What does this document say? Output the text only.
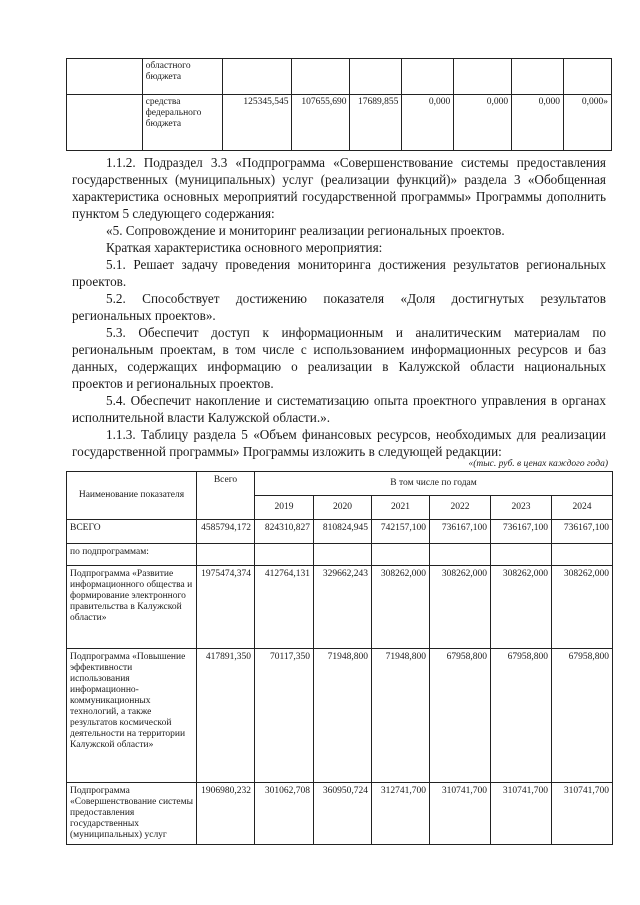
	областного бюджета							
	средства федерального бюджета	125345,545	107655,690	17689,855	0,000	0,000	0,000	0,000»

1.1.2. Подраздел 3.3 «Подпрограмма «Совершенствование системы предоставления государственных (муниципальных) услуг (реализации функций)» раздела 3 «Обобщенная характеристика основных мероприятий государственной программы» Программы дополнить пунктом 5 следующего содержания:

«5. Сопровождение и мониторинг реализации региональных проектов.

Краткая характеристика основного мероприятия:

5.1. Решает задачу проведения мониторинга достижения результатов региональных проектов.

5.2. Способствует достижению показателя «Доля достигнутых результатов региональных проектов».

5.3. Обеспечит доступ к информационным и аналитическим материалам по региональным проектам, в том числе с использованием информационных ресурсов и баз данных, содержащих информацию о реализации в Калужской области национальных проектов и региональных проектов.

5.4. Обеспечит накопление и систематизацию опыта проектного управления в органах исполнительной власти Калужской области.».

1.1.3. Таблицу раздела 5 «Объем финансовых ресурсов, необходимых для реализации государственной программы» Программы изложить в следующей редакции:

«(тыс. руб. в ценах каждого года)
Наименование показателя	Всего	В том числе по годам					
		2019	2020	2021	2022	2023	2024
ВСЕГО	4585794,172	824310,827	810824,945	742157,100	736167,100	736167,100	736167,100
по подпрограммам:							
Подпрограмма «Развитие информационного общества и формирование электронного правительства в Калужской области»	1975474,374	412764,131	329662,243	308262,000	308262,000	308262,000	308262,000
Подпрограмма «Повышение эффективности использования информационно-коммуникационных технологий, а также результатов космической деятельности на территории Калужской области»	417891,350	70117,350	71948,800	71948,800	67958,800	67958,800	67958,800
Подпрограмма «Совершенствование системы предоставления государственных (муниципальных) услуг	1906980,232	301062,708	360950,724	312741,700	310741,700	310741,700	310741,700
